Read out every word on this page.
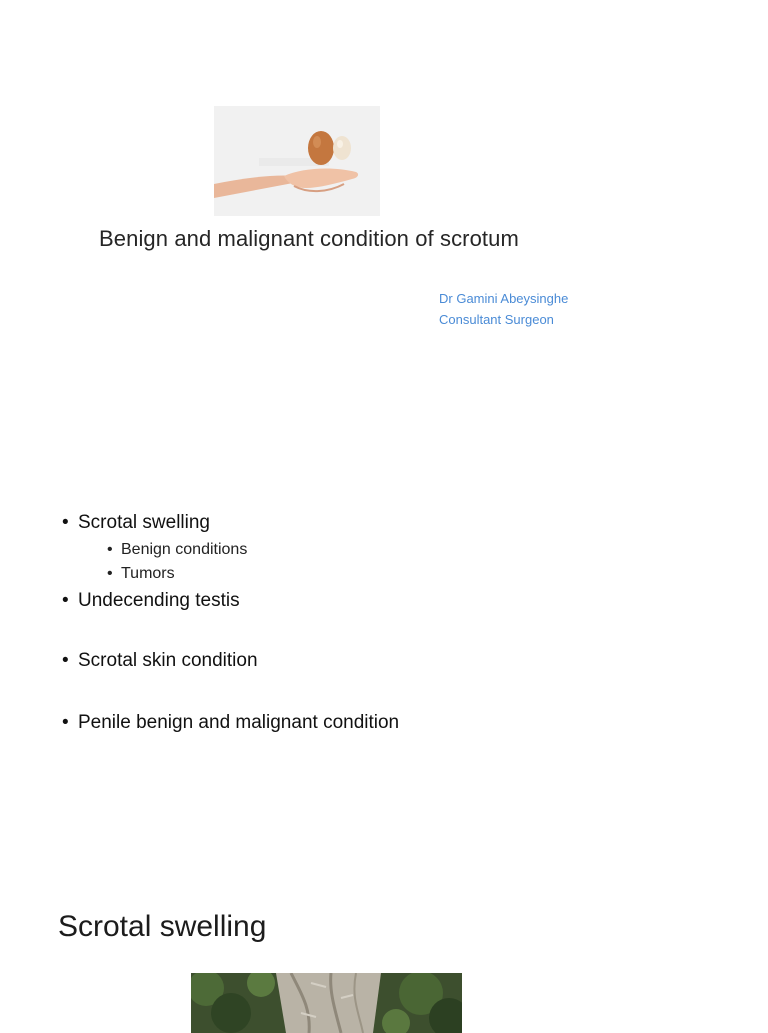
Benign and malignant condition of scrotum
Dr Gamini Abeysinghe
Consultant Surgeon
• Scrotal swelling
• Benign conditions
• Tumors
• Undecending testis
• Scrotal skin condition
• Penile benign and malignant condition
Scrotal swelling
